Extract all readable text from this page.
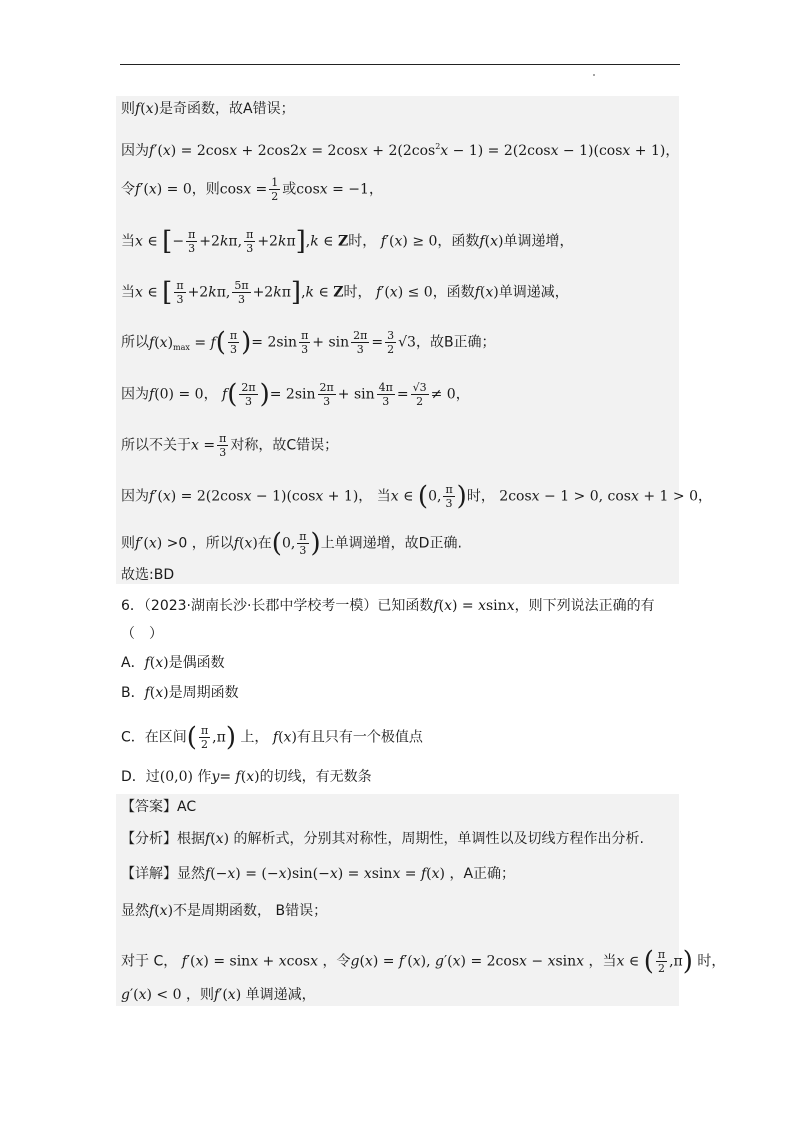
则f(x)是奇函数，故A错误；
因为$f'(x) = 2\cos x + 2\cos 2x = 2\cos x + 2(2\cos^2x - 1) = 2(2\cos x - 1)(\cos x + 1)$，
令f′(x) = 0，则$\cos x = \frac{1}{2}$ 或cosx = −1，
当x ∈ [− $\frac{\pi}{3} +2k\pi$, $\frac{\pi}{3} +2k\pi],k$ ∈ Z时， f′(x) ≥ 0，函数f(x)单调递增，
当x ∈ [ $\frac{\pi}{3} +2k\pi$, $\frac{5\pi}{3} +2k\pi],k$ ∈ Z时， f′(x) ≤ 0，函数f(x)单调递减，
所以$f(x)_{max} = f( \frac{\pi}{3}$ )= $2\sin \frac{\pi}{3} + \sin \frac{2\pi}{3} = \frac{3}{2} √3$，故B正确；
因为f(0) = 0， $f( \frac{2\pi}{3}$ )= $2\sin \frac{2\pi}{3} + \sin \frac{4\pi}{3} = \frac{√3}{2} \ne 0$，
所以不关于$x = \frac{\pi}{3}$ 对称，故C错误；
因为f′(x) = 2(2cosx − 1)(cosx + 1)， 当x ∈ (0, $\frac{\pi}{3}$ )时， 2cosx − 1 > 0, cosx + 1 > 0，
则f′(x) >0 ，所以f(x)在(0, $\frac{\pi}{3}$ )上单调递增，故D正确.
故选:BD
6．（2023·湖南长沙·长郡中学校考一模）已知函数f(x) = xsinx，则下列说法正确的有
（　）
A．f(x)是偶函数
B．f(x)是周期函数
C．在区间( $\frac{\pi}{2} ,\pi$) 上， f(x)有且只有一个极值点
D．过(0,0) 作y= f(x)的切线，有无数条
【答案】AC
【分析】根据f(x) 的解析式，分别其对称性，周期性，单调性以及切线方程作出分析.
【详解】显然f(−x) = (−x)sin(−x) = xsinx = f(x) ，A正确；
显然f(x)不是周期函数， B错误；
对于 C， f′(x) = sinx + xcosx ，令g(x) = f′(x), g′(x) = 2cosx − xsinx ，当x ∈ ( $\frac{\pi}{2} ,\pi$) 时，
g′(x) < 0 ，则f′(x) 单调递减，
